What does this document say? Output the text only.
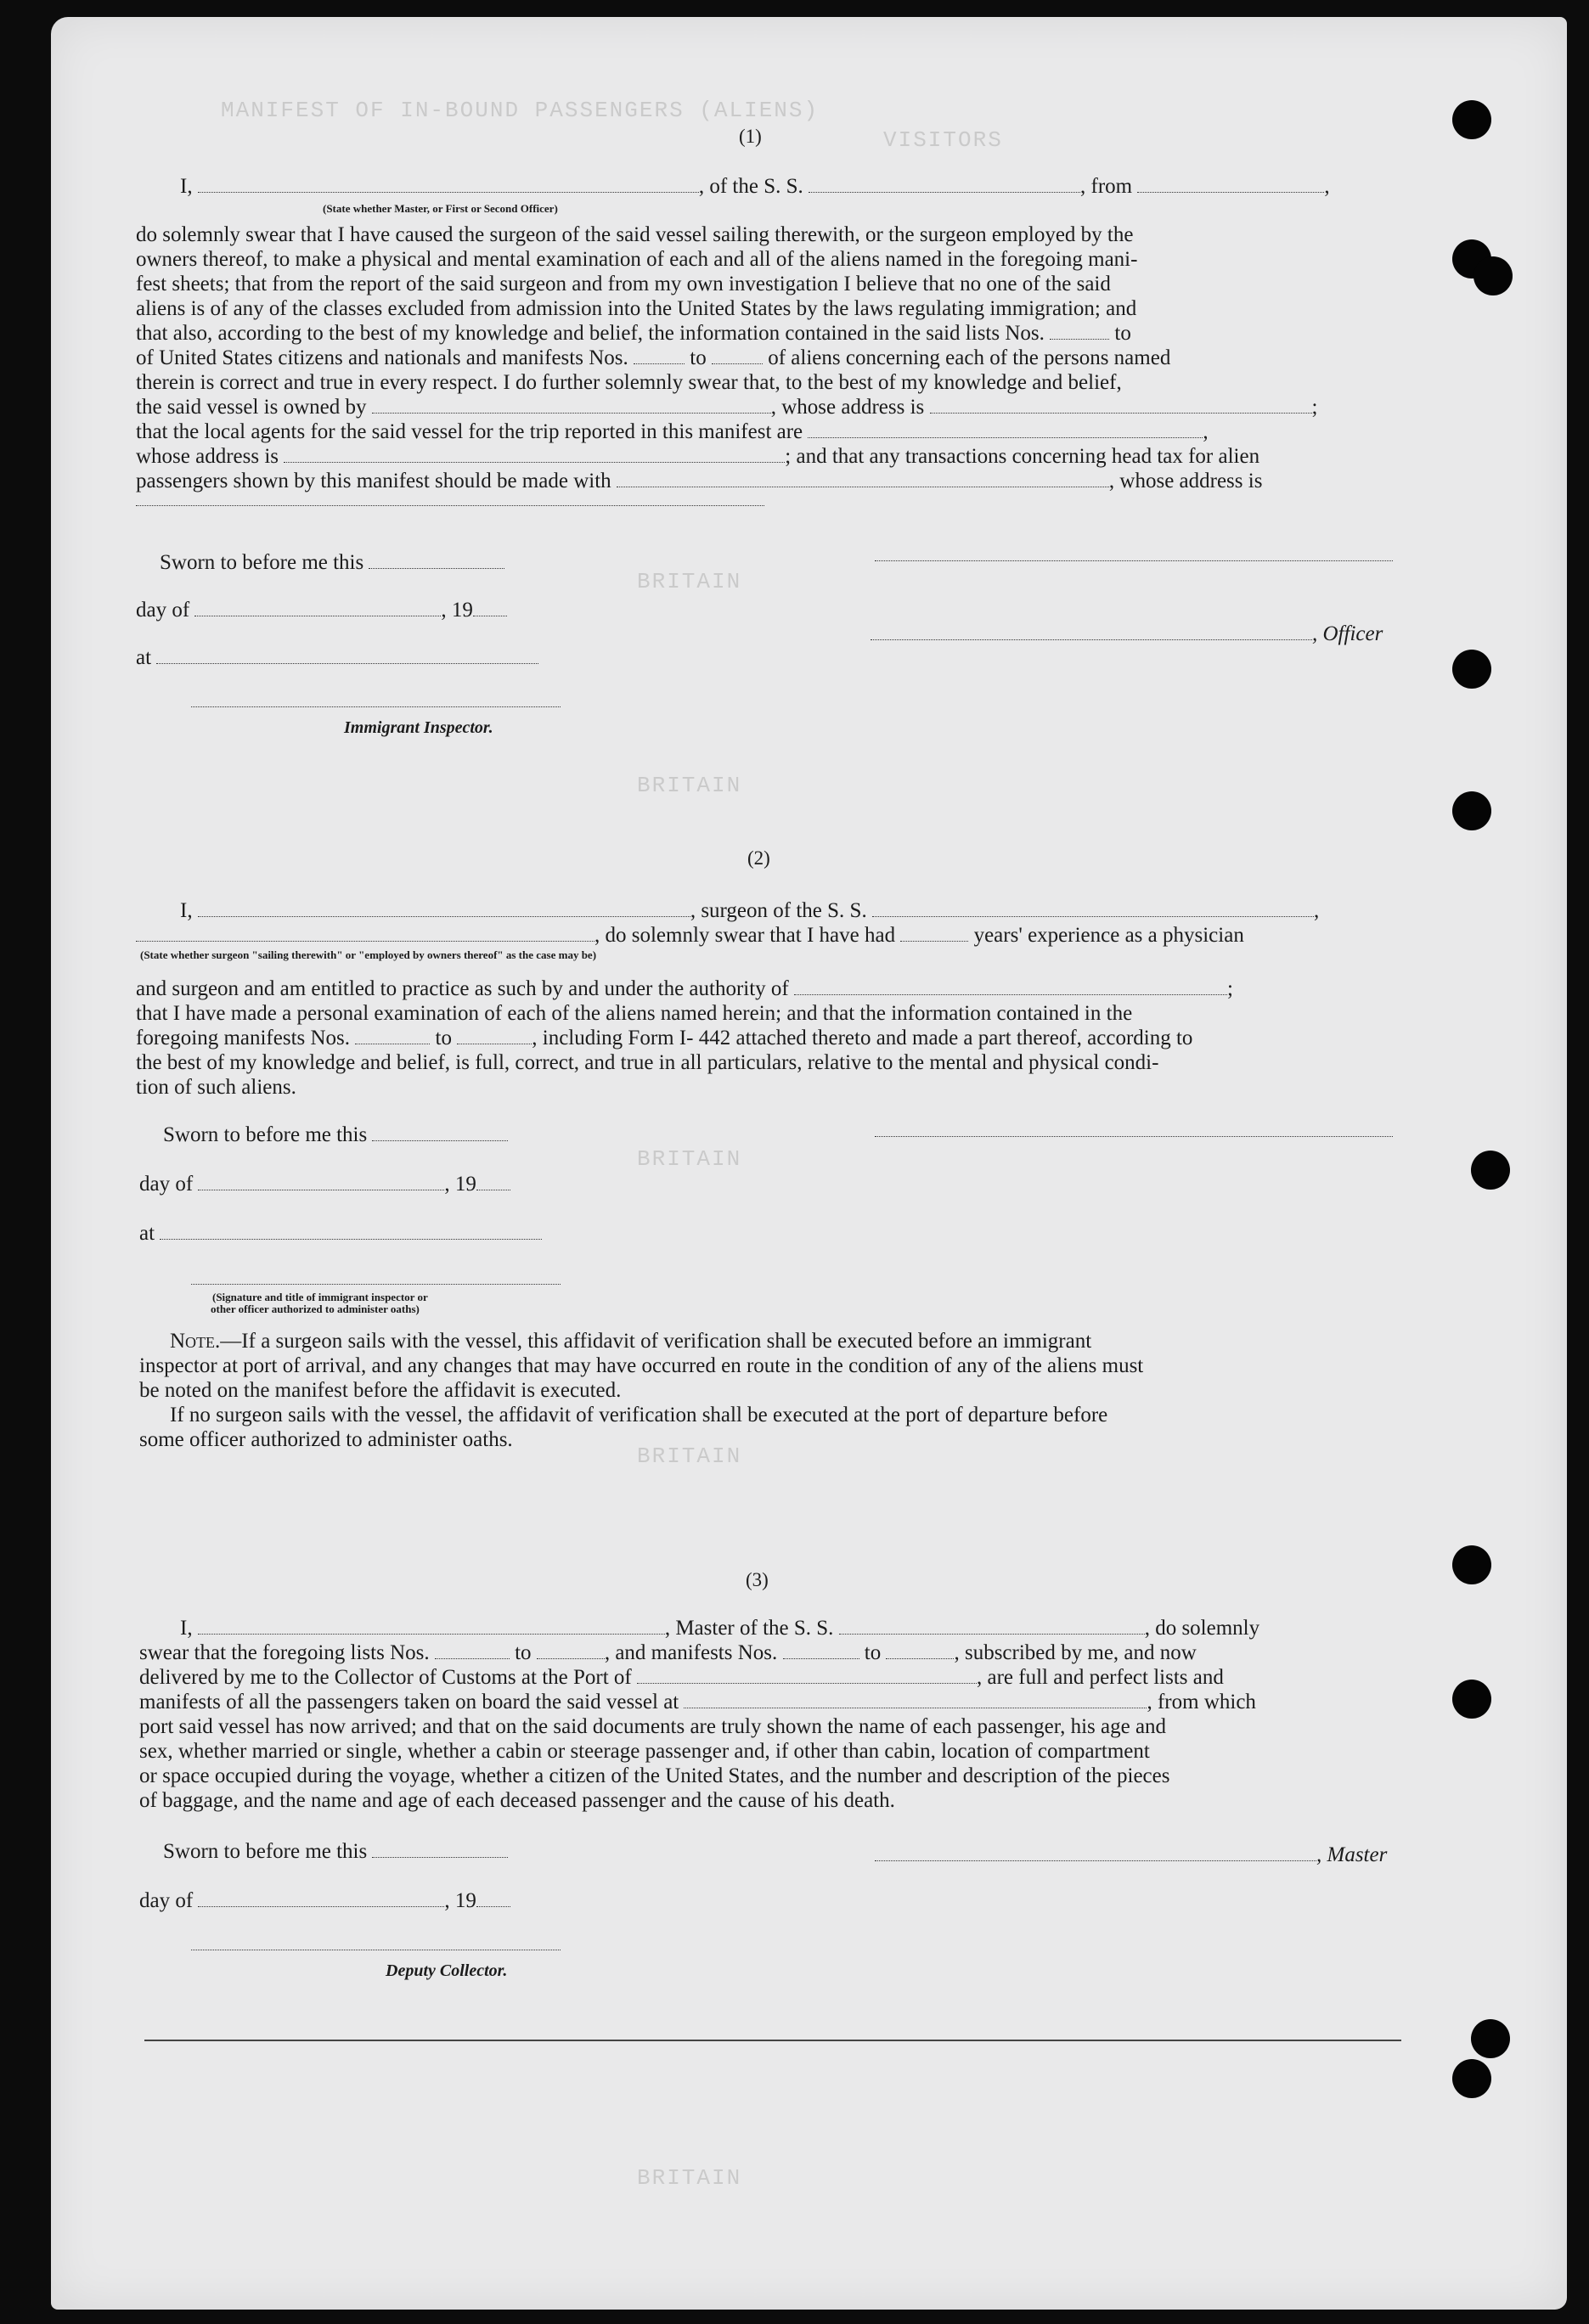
MANIFEST OF IN-BOUND PASSENGERS (ALIENS)
VISITORS
BRITAIN
BRITAIN
BRITAIN
BRITAIN
BRITAIN
(1)
I,	, of the S. S.	, from	,
(State whether Master, or First or Second Officer)
do solemnly swear that I have caused the surgeon of the said vessel sailing therewith, or the surgeon employed by the
owners thereof, to make a physical and mental examination of each and all of the aliens named in the foregoing mani-
fest sheets; that from the report of the said surgeon and from my own investigation I believe that no one of the said
aliens is of any of the classes excluded from admission into the United States by the laws regulating immigration; and
that also, according to the best of my knowledge and belief, the information contained in the said lists Nos.	to
of United States citizens and nationals and manifests Nos.	to	of aliens concerning each of the persons named
therein is correct and true in every respect. I do further solemnly swear that, to the best of my knowledge and belief,
the said vessel is owned by	, whose address is	;
that the local agents for the said vessel for the trip reported in this manifest are	,
whose address is	; and that any transactions concerning head tax for alien
passengers shown by this manifest should be made with	, whose address is
Sworn to before me this
day of	, 19
, Officer
at
Immigrant Inspector.
(2)
I,	, surgeon of the S. S.	,
, do solemnly swear that I have had	years' experience as a physician
(State whether surgeon "sailing therewith" or "employed by owners thereof" as the case may be)
and surgeon and am entitled to practice as such by and under the authority of	;
that I have made a personal examination of each of the aliens named herein; and that the information contained in the
foregoing manifests Nos.	to	, including Form I- 442 attached thereto and made a part thereof, according to
the best of my knowledge and belief, is full, correct, and true in all particulars, relative to the mental and physical condi-
tion of such aliens.
Sworn to before me this
day of	, 19
at
(Signature and title of immigrant inspector or
other officer authorized to administer oaths)
Note.—If a surgeon sails with the vessel, this affidavit of verification shall be executed before an immigrant
inspector at port of arrival, and any changes that may have occurred en route in the condition of any of the aliens must
be noted on the manifest before the affidavit is executed.
If no surgeon sails with the vessel, the affidavit of verification shall be executed at the port of departure before
some officer authorized to administer oaths.
(3)
I,	, Master of the S. S.	, do solemnly
swear that the foregoing lists Nos.	to	, and manifests Nos.	to	, subscribed by me, and now
delivered by me to the Collector of Customs at the Port of	, are full and perfect lists and
manifests of all the passengers taken on board the said vessel at	, from which
port said vessel has now arrived; and that on the said documents are truly shown the name of each passenger, his age and
sex, whether married or single, whether a cabin or steerage passenger and, if other than cabin, location of compartment
or space occupied during the voyage, whether a citizen of the United States, and the number and description of the pieces
of baggage, and the name and age of each deceased passenger and the cause of his death.
Sworn to before me this	, Master
day of	, 19
Deputy Collector.
